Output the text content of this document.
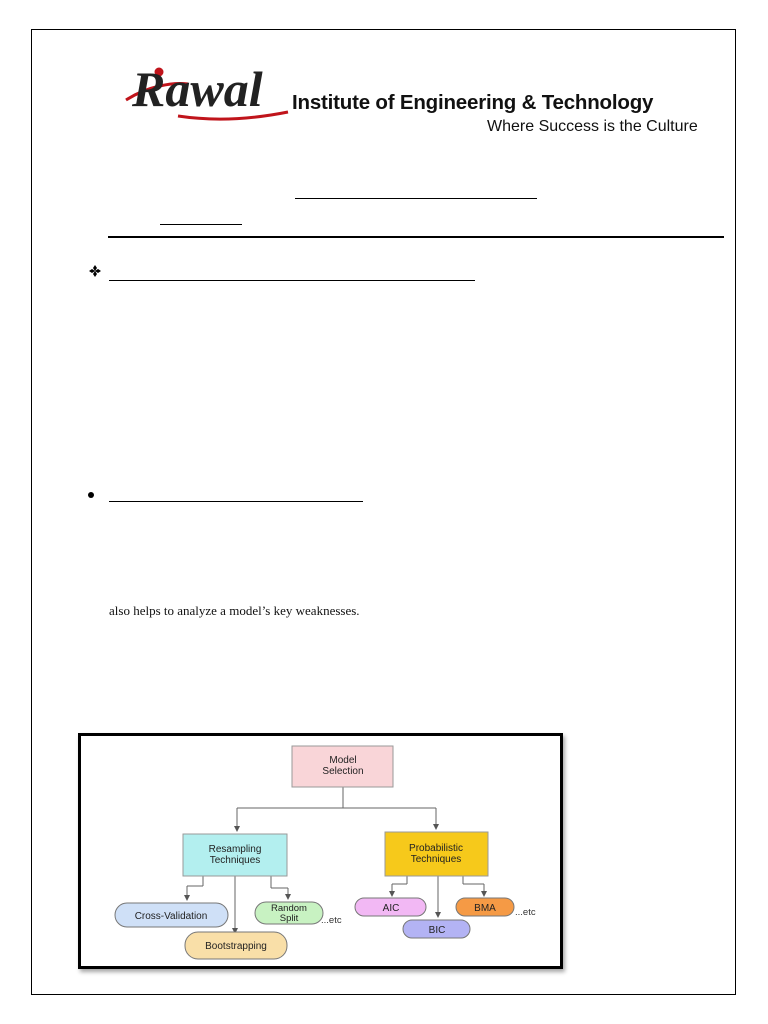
Rawal Institute of Engineering & Technology
Where Success is the Culture
also helps to analyze a model’s key weaknesses.
Model
Selection
Resampling
Techniques
Probabilistic
Techniques
Cross-Validation
Random
Split ...etc
Bootstrapping
AIC	BMA ...etc
BIC
